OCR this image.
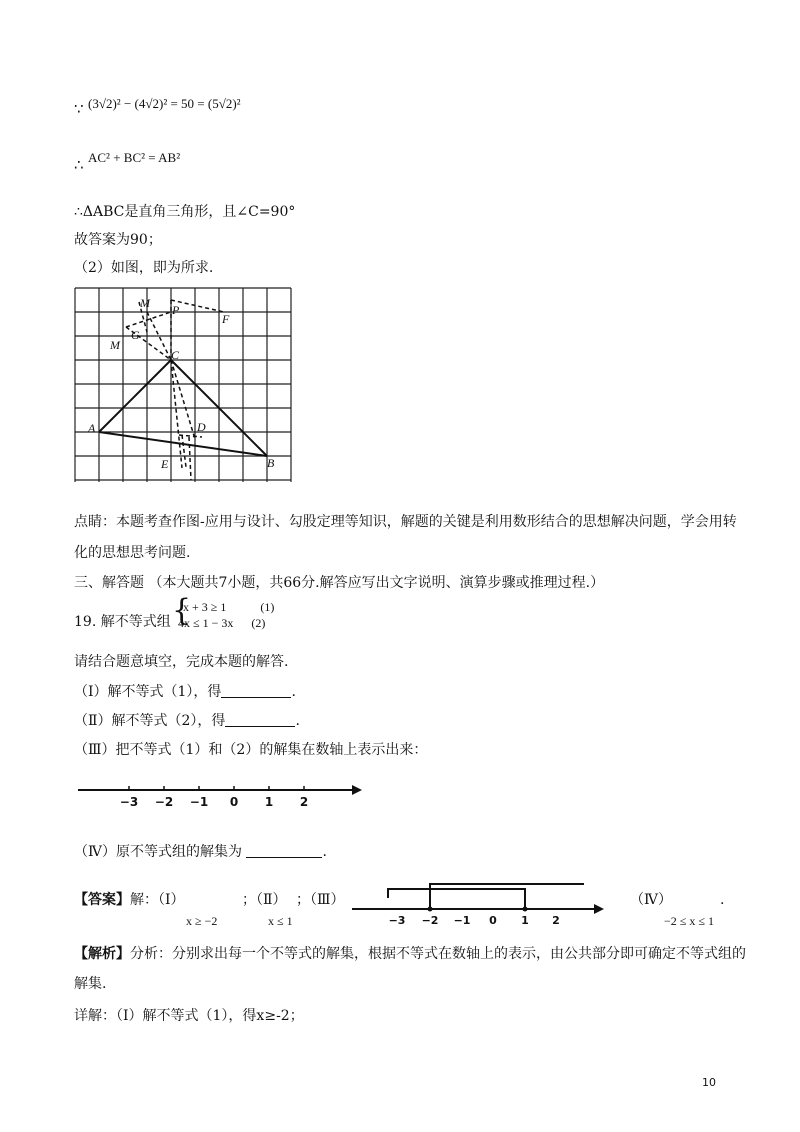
∵ (3√2)² − (4√2)² = 50 = (5√2)²
∴ AC² + BC² = AB²
∴ΔABC是直角三角形，且∠C=90°
故答案为90；
（2）如图，即为所求.
M P
F
M
G
C
A	D
E	B
点睛：本题考查作图-应用与设计、勾股定理等知识，解题的关键是利用数形结合的思想解决问题，学会用转
化的思想思考问题.
三、解答题 （本大题共7小题，共66分.解答应写出文字说明、演算步骤或推理过程.）
19. 解不等式组 {
x + 3 ≥ 1	(1)
4x ≤ 1 − 3x (2)
请结合题意填空，完成本题的解答.
（Ⅰ）解不等式（1），得	.
（Ⅱ）解不等式（2），得	.
（Ⅲ）把不等式（1）和（2）的解集在数轴上表示出来：
−3 −2 −1 0 1 2
（Ⅳ）原不等式组的解集为	.
【答案】解：（Ⅰ）
x ≥ −2
；（Ⅱ）
x ≤ 1
；（Ⅲ）
−3 −2 −1 0 1 2
（Ⅳ）	.
−2 ≤ x ≤ 1
【解析】分析：分别求出每一个不等式的解集，根据不等式在数轴上的表示，由公共部分即可确定不等式组的
解集.
详解：（Ⅰ）解不等式（1），得x≥-2；
10
